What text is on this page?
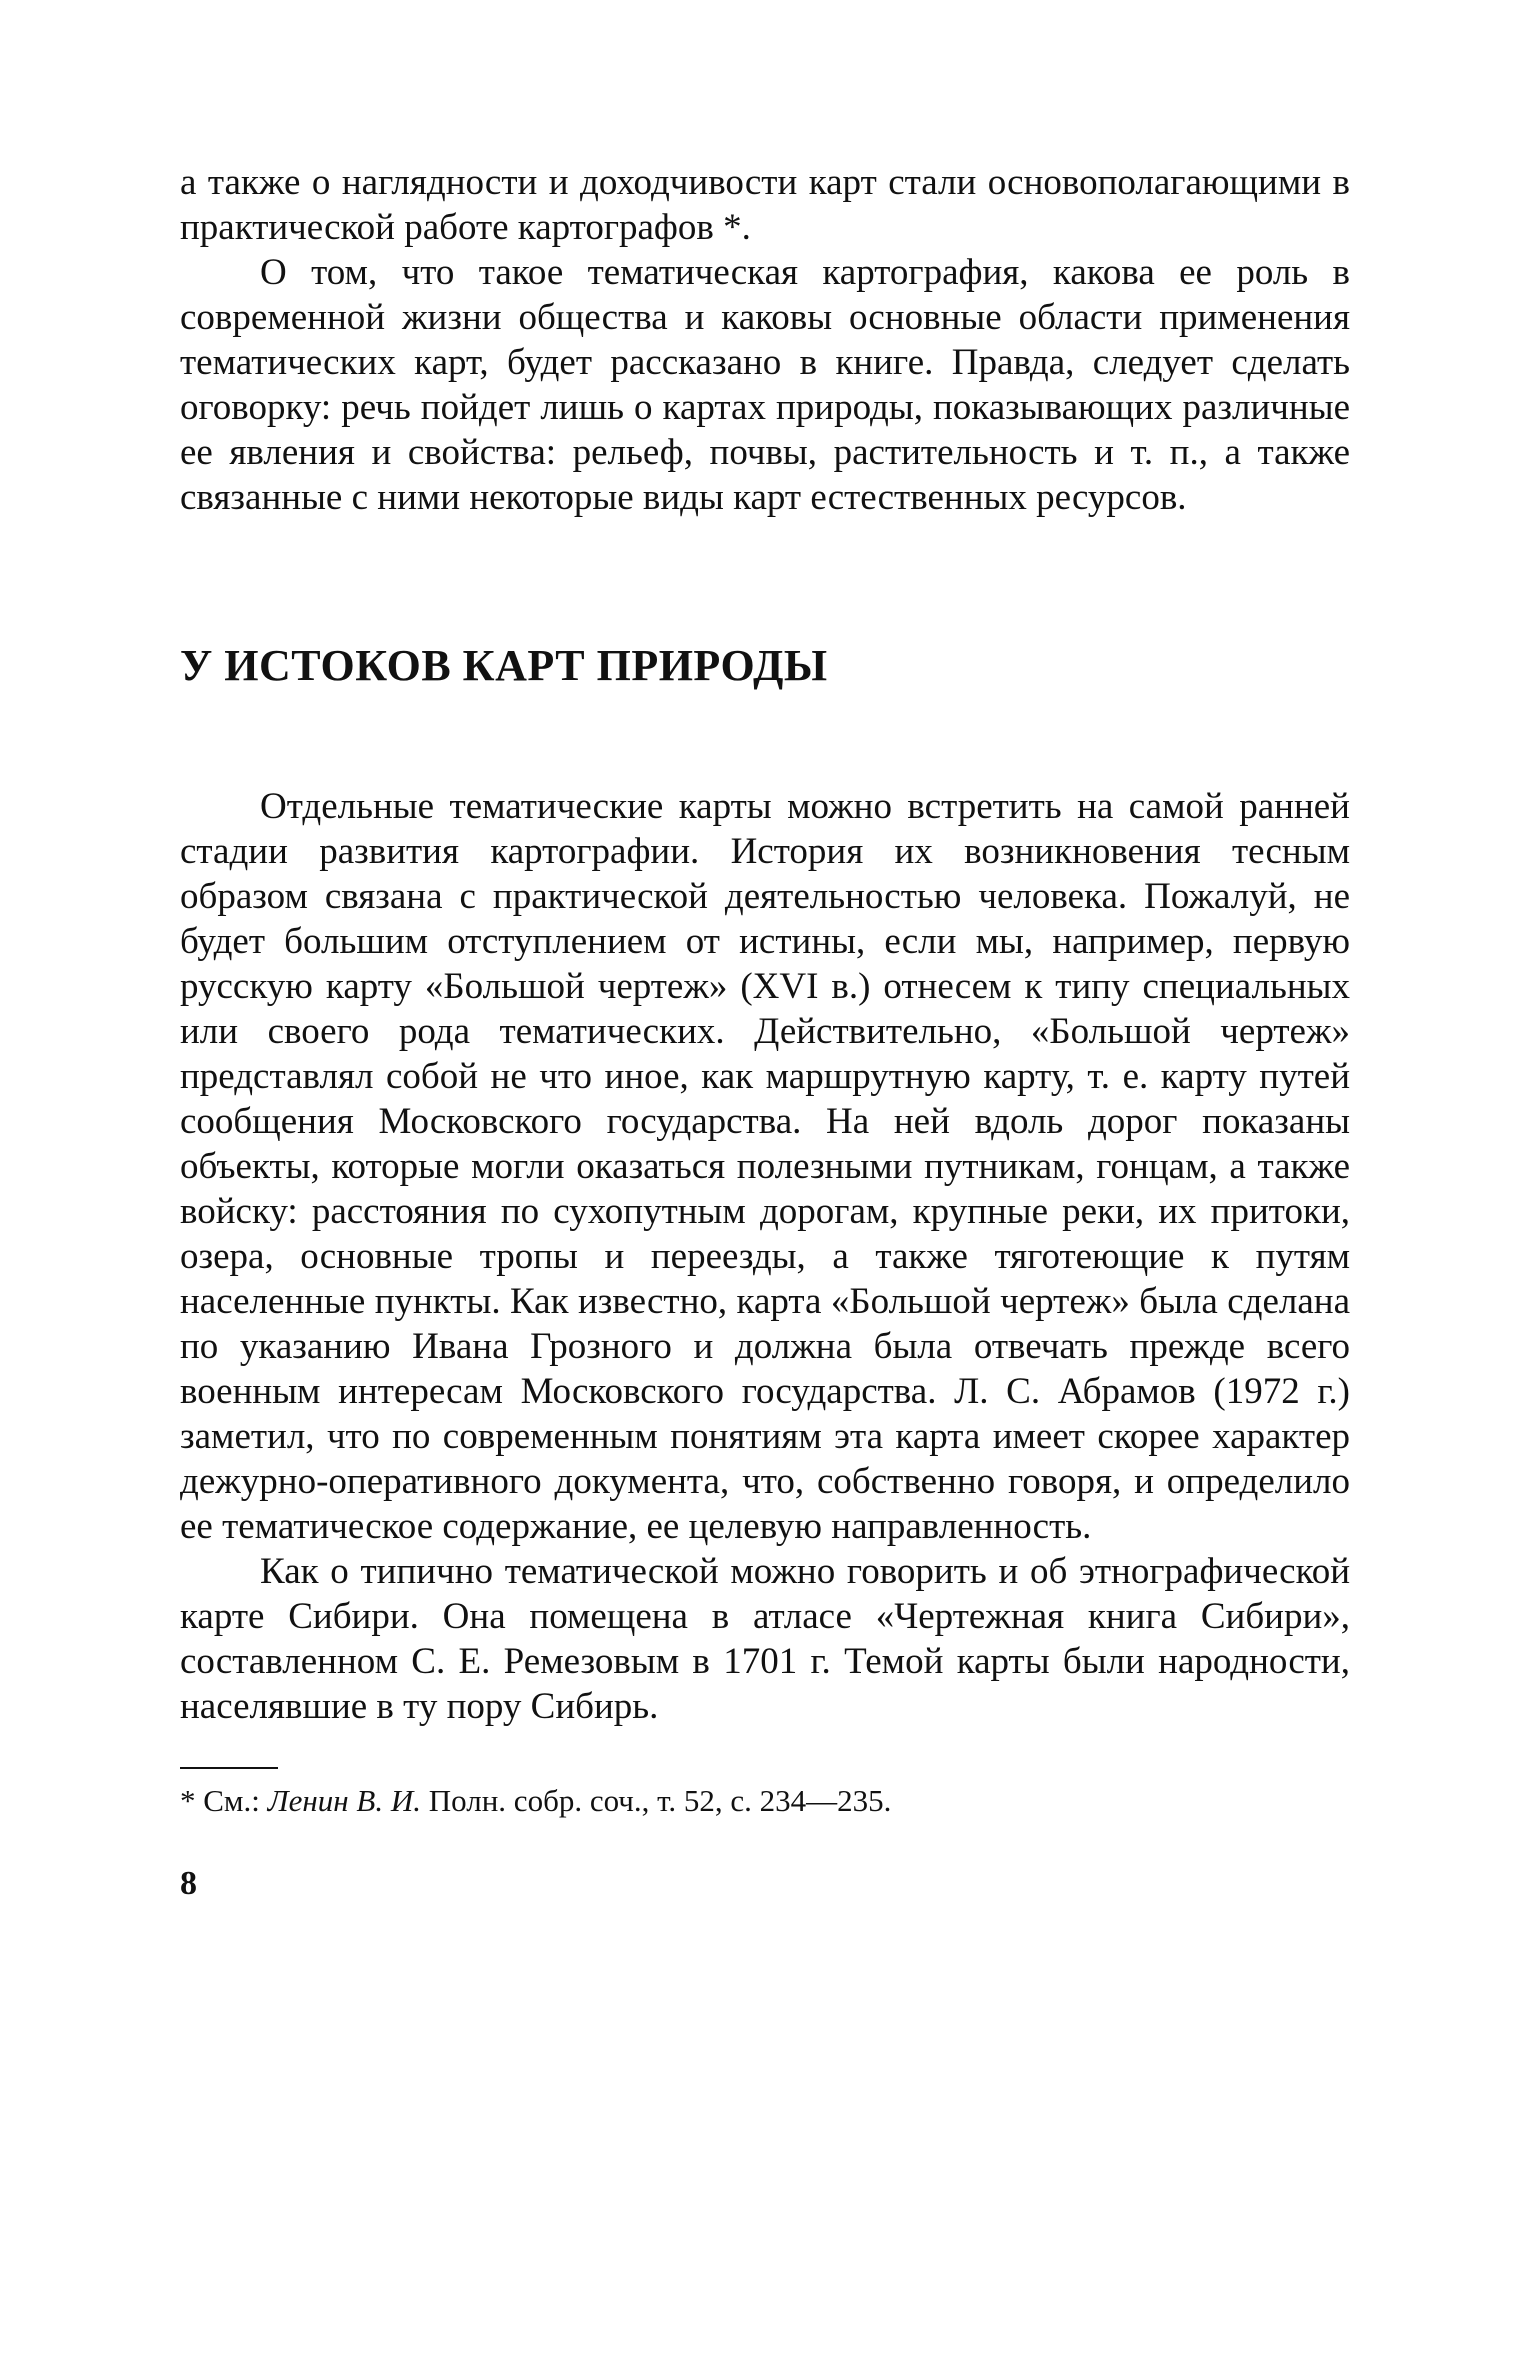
а также о наглядности и доходчивости карт стали основополагающими в практической работе картографов *.

О том, что такое тематическая картография, какова ее роль в современной жизни общества и каковы основные области применения тематических карт, будет рассказано в книге. Правда, следует сделать оговорку: речь пойдет лишь о картах природы, показывающих различные ее явления и свойства: рельеф, почвы, растительность и т. п., а также связанные с ними некоторые виды карт естественных ресурсов.

У ИСТОКОВ КАРТ ПРИРОДЫ

Отдельные тематические карты можно встретить на самой ранней стадии развития картографии. История их возникновения тесным образом связана с практической деятельностью человека. Пожалуй, не будет большим отступлением от истины, если мы, например, первую русскую карту «Большой чертеж» (XVI в.) отнесем к типу специальных или своего рода тематических. Действительно, «Большой чертеж» представлял собой не что иное, как маршрутную карту, т. е. карту путей сообщения Московского государства. На ней вдоль дорог показаны объекты, которые могли оказаться полезными путникам, гонцам, а также войску: расстояния по сухопутным дорогам, крупные реки, их притоки, озера, основные тропы и переезды, а также тяготеющие к путям населенные пункты. Как известно, карта «Большой чертеж» была сделана по указанию Ивана Грозного и должна была отвечать прежде всего военным интересам Московского государства. Л. С. Абрамов (1972 г.) заметил, что по современным понятиям эта карта имеет скорее характер дежурно-оперативного документа, что, собственно говоря, и определило ее тематическое содержание, ее целевую направленность.

Как о типично тематической можно говорить и об этнографической карте Сибири. Она помещена в атласе «Чертежная книга Сибири», составленном С. Е. Ремезовым в 1701 г. Темой карты были народности, населявшие в ту пору Сибирь.

* См.: Ленин В. И. Полн. собр. соч., т. 52, с. 234—235.

8
